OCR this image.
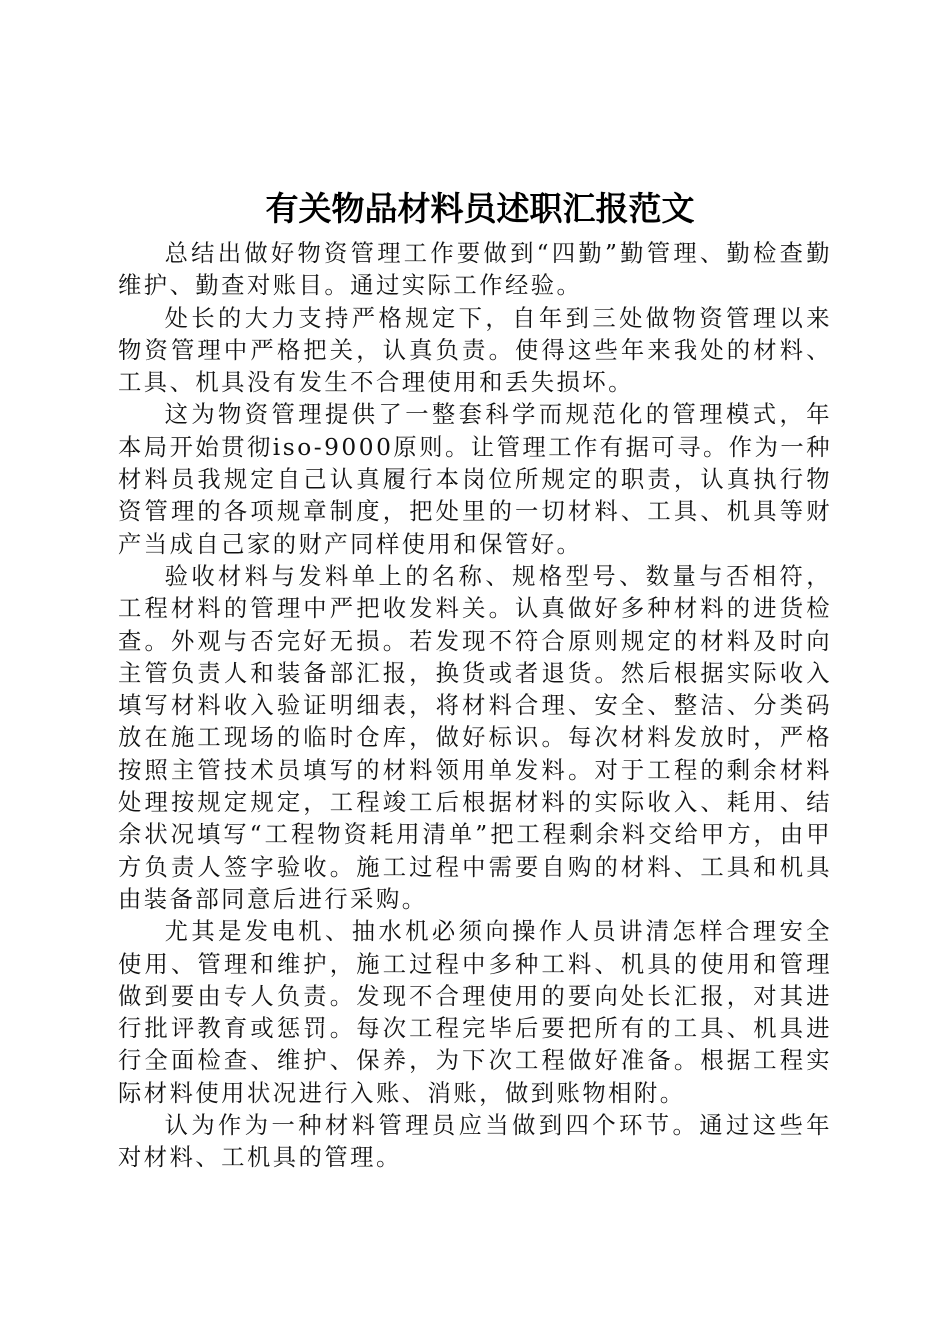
有关物品材料员述职汇报范文

总结出做好物资管理工作要做到“四勤”勤管理、勤检查勤维护、勤查对账目。通过实际工作经验。

处长的大力支持严格规定下，自年到三处做物资管理以来物资管理中严格把关，认真负责。使得这些年来我处的材料、工具、机具没有发生不合理使用和丢失损坏。

这为物资管理提供了一整套科学而规范化的管理模式，年本局开始贯彻iso-9000原则。让管理工作有据可寻。作为一种材料员我规定自己认真履行本岗位所规定的职责，认真执行物资管理的各项规章制度，把处里的一切材料、工具、机具等财产当成自己家的财产同样使用和保管好。

验收材料与发料单上的名称、规格型号、数量与否相符，工程材料的管理中严把收发料关。认真做好多种材料的进货检查。外观与否完好无损。若发现不符合原则规定的材料及时向主管负责人和装备部汇报，换货或者退货。然后根据实际收入填写材料收入验证明细表，将材料合理、安全、整洁、分类码放在施工现场的临时仓库，做好标识。每次材料发放时，严格按照主管技术员填写的材料领用单发料。对于工程的剩余材料处理按规定规定，工程竣工后根据材料的实际收入、耗用、结余状况填写“工程物资耗用清单”把工程剩余料交给甲方，由甲方负责人签字验收。施工过程中需要自购的材料、工具和机具由装备部同意后进行采购。

尤其是发电机、抽水机必须向操作人员讲清怎样合理安全使用、管理和维护，施工过程中多种工料、机具的使用和管理做到要由专人负责。发现不合理使用的要向处长汇报，对其进行批评教育或惩罚。每次工程完毕后要把所有的工具、机具进行全面检查、维护、保养，为下次工程做好准备。根据工程实际材料使用状况进行入账、消账，做到账物相附。

认为作为一种材料管理员应当做到四个环节。通过这些年对材料、工机具的管理。
